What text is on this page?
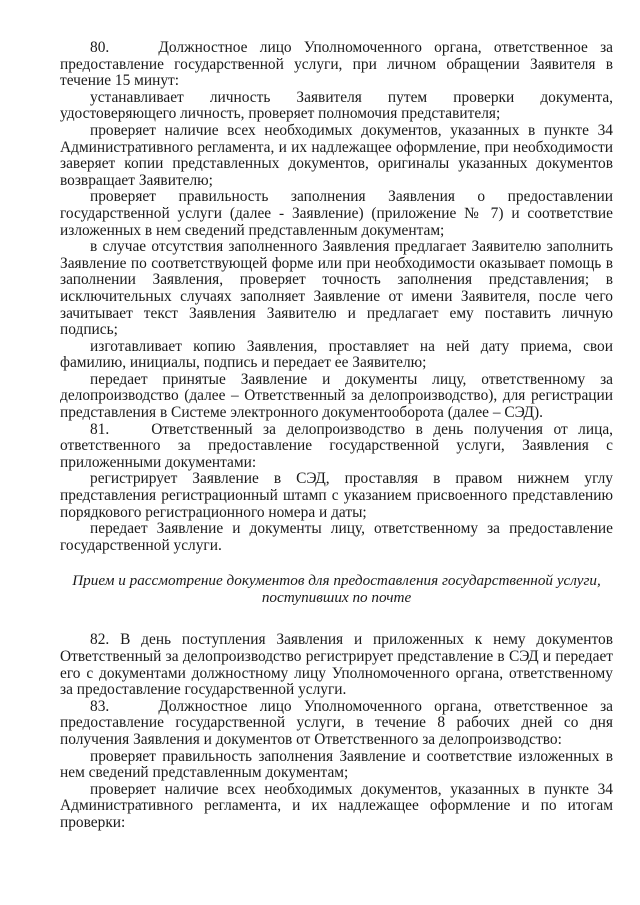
80.    Должностное лицо Уполномоченного органа, ответственное за предоставление государственной услуги, при личном обращении Заявителя в течение 15 минут:

устанавливает личность Заявителя путем проверки документа, удостоверяющего личность, проверяет полномочия представителя;

проверяет наличие всех необходимых документов, указанных в пункте 34 Административного регламента, и их надлежащее оформление, при необходимости заверяет копии представленных документов, оригиналы указанных документов возвращает Заявителю;

проверяет правильность заполнения Заявления о предоставлении государственной услуги (далее - Заявление) (приложение № 7) и соответствие изложенных в нем сведений представленным документам;

в случае отсутствия заполненного Заявления предлагает Заявителю заполнить Заявление по соответствующей форме или при необходимости оказывает помощь в заполнении Заявления, проверяет точность заполнения представления; в исключительных случаях заполняет Заявление от имени Заявителя, после чего зачитывает текст Заявления Заявителю и предлагает ему поставить личную подпись;

изготавливает копию Заявления, проставляет на ней дату приема, свои фамилию, инициалы, подпись и передает ее Заявителю;

передает принятые Заявление и документы лицу, ответственному за делопроизводство (далее – Ответственный за делопроизводство), для регистрации представления в Системе электронного документооборота (далее – СЭД).

81.    Ответственный за делопроизводство в день получения от лица, ответственного за предоставление государственной услуги, Заявления с приложенными документами:

регистрирует Заявление в СЭД, проставляя в правом нижнем углу представления регистрационный штамп с указанием присвоенного представлению порядкового регистрационного номера и даты;

передает Заявление и документы лицу, ответственному за предоставление государственной услуги.

Прием и рассмотрение документов для предоставления государственной услуги, поступивших по почте

82. В день поступления Заявления и приложенных к нему документов Ответственный за делопроизводство регистрирует представление в СЭД и передает его с документами должностному лицу Уполномоченного органа, ответственному за предоставление государственной услуги.

83.    Должностное лицо Уполномоченного органа, ответственное за предоставление государственной услуги, в течение 8 рабочих дней со дня получения Заявления и документов от Ответственного за делопроизводство:

проверяет правильность заполнения Заявление и соответствие изложенных в нем сведений представленным документам;

проверяет наличие всех необходимых документов, указанных в пункте 34 Административного регламента, и их надлежащее оформление и по итогам проверки:
